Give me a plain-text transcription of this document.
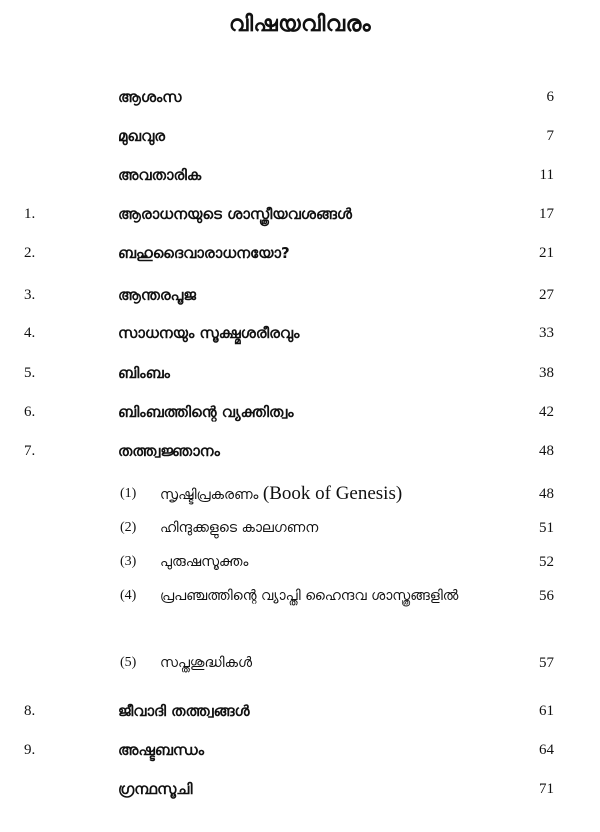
വിഷയവിവരം
ആശംസ	6
മുഖവുര	7
അവതാരിക	11
1.	ആരാധനയുടെ ശാസ്ത്രീയവശങ്ങൾ	17
2.	ബഹുദൈവാരാധനയോ?	21
3.	ആന്തരപൂജ	27
4.	സാധനയും സൂക്ഷ്മശരീരവും	33
5.	ബിംബം	38
6.	ബിംബത്തിന്റെ വ്യക്തിത്വം	42
7.	തത്ത്വജ്ഞാനം	48
(1) സൃഷ്ടിപ്രകരണം (Book of Genesis)	48
(2) ഹിന്ദുക്കളുടെ കാലഗണന	51
(3) പുരുഷസൂക്തം	52
(4) പ്രപഞ്ചത്തിന്റെ വ്യാപ്തി ഹൈന്ദവ ശാസ്ത്രങ്ങളിൽ	56
(5) സപ്തശുദ്ധികൾ	57
8.	ജീവാദി തത്ത്വങ്ങൾ	61
9.	അഷ്ടബന്ധം	64
ഗ്രന്ഥസൂചി	71
